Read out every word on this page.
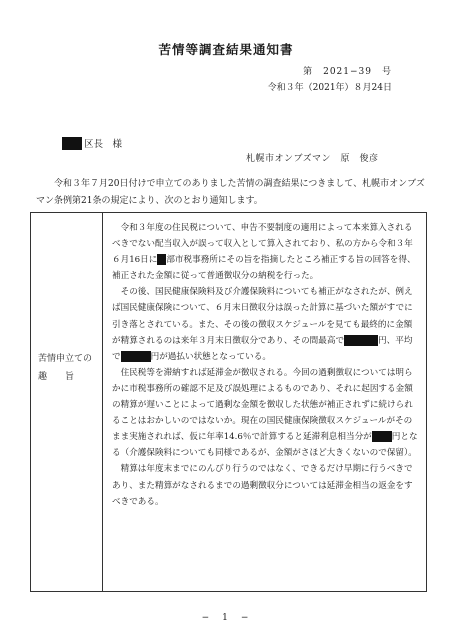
苦情等調査結果通知書
第　2021−39　号
令和３年（2021年）８月24日
区長　様
札幌市オンブズマン　原　俊彦
令和３年７月20日付けで申立てのありました苦情の調査結果につきまして、札幌市オンブズマン条例第21条の規定により、次のとおり通知します。
苦情申立ての
趣　　旨

令和３年度の住民税について、申告不要制度の適用によって本来算入されるべきでない配当収入が誤って収入として算入されており、私の方から令和３年６月16日に 部市税事務所にその旨を指摘したところ補正する旨の回答を得、補正された金額に従って普通徴収分の納税を行った。

その後、国民健康保険料及び介護保険料についても補正がなされたが、例えば国民健康保険について、６月末日徴収分は誤った計算に基づいた額がすでに引き落とされている。また、その後の徴収スケジュールを見ても最終的に金額が精算されるのは来年３月末日徴収分であり、その間最高で	円、平均で	円が過払い状態となっている。

住民税等を滞納すれば延滞金が徴収される。今回の過剰徴収については明らかに市税事務所の確認不足及び誤処理によるものであり、それに起因する金額の精算が遅いことによって過剰な金額を徴収した状態が補正されずに続けられることはおかしいのではないか。現在の国民健康保険徴収スケジュールがそのまま実施されれば、仮に年率14.6％で計算すると延滞利息相当分が 円となる（介護保険料についても同様であるが、金額がさほど大きくないので保留）。

精算は年度末までにのんびり行うのではなく、できるだけ早期に行うべきであり、また精算がなされるまでの過剰徴収分については延滞金相当の返金をすべきである。

−　1　−
